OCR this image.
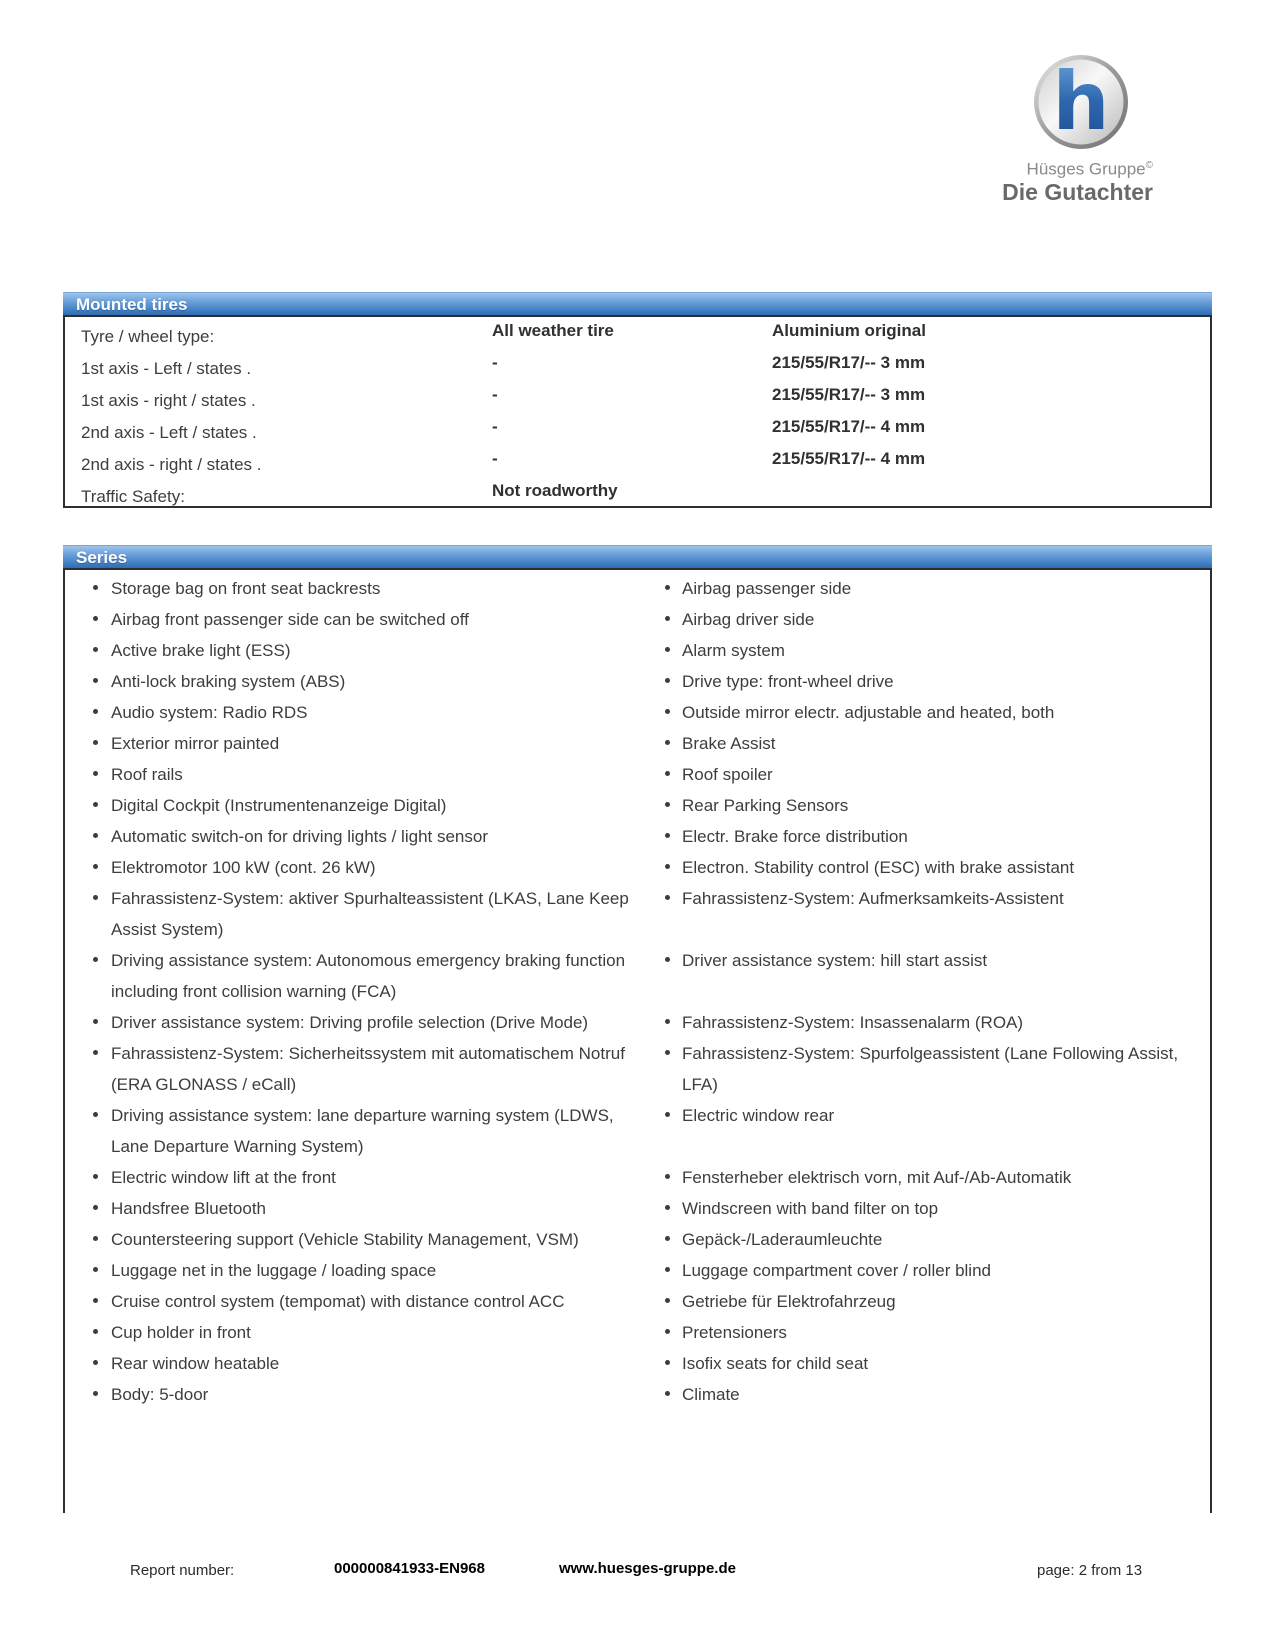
h
Hüsges Gruppe©
Die Gutachter
Mounted tires
Tyre / wheel type:	All weather tire	Aluminium original
1st axis - Left / states .	-	215/55/R17/-- 3 mm
1st axis - right / states .	-	215/55/R17/-- 3 mm
2nd axis - Left / states .	-	215/55/R17/-- 4 mm
2nd axis - right / states .	-	215/55/R17/-- 4 mm
Traffic Safety:	Not roadworthy
Series
Storage bag on front seat backrests	Airbag passenger side
Airbag front passenger side can be switched off	Airbag driver side
Active brake light (ESS)	Alarm system
Anti-lock braking system (ABS)	Drive type: front-wheel drive
Audio system: Radio RDS	Outside mirror electr. adjustable and heated, both
Exterior mirror painted	Brake Assist
Roof rails	Roof spoiler
Digital Cockpit (Instrumentenanzeige Digital)	Rear Parking Sensors
Automatic switch-on for driving lights / light sensor	Electr. Brake force distribution
Elektromotor 100 kW (cont. 26 kW)	Electron. Stability control (ESC) with brake assistant
Fahrassistenz-System: aktiver Spurhalteassistent (LKAS, Lane Keep Assist System)
Fahrassistenz-System: Aufmerksamkeits-Assistent
Driving assistance system: Autonomous emergency braking function including front collision warning (FCA)
Driver assistance system: hill start assist
Driver assistance system: Driving profile selection (Drive Mode)	Fahrassistenz-System: Insassenalarm (ROA)
Fahrassistenz-System: Sicherheitssystem mit automatischem Notruf (ERA GLONASS / eCall)
Fahrassistenz-System: Spurfolgeassistent (Lane Following Assist, LFA)
Driving assistance system: lane departure warning system (LDWS, Lane Departure Warning System)
Electric window rear
Electric window lift at the front	Fensterheber elektrisch vorn, mit Auf-/Ab-Automatik
Handsfree Bluetooth	Windscreen with band filter on top
Countersteering support (Vehicle Stability Management, VSM)	Gepäck-/Laderaumleuchte
Luggage net in the luggage / loading space	Luggage compartment cover / roller blind
Cruise control system (tempomat) with distance control ACC	Getriebe für Elektrofahrzeug
Cup holder in front	Pretensioners
Rear window heatable	Isofix seats for child seat
Body: 5-door	Climate
Report number:	000000841933-EN968	www.huesges-gruppe.de	page: 2 from 13
